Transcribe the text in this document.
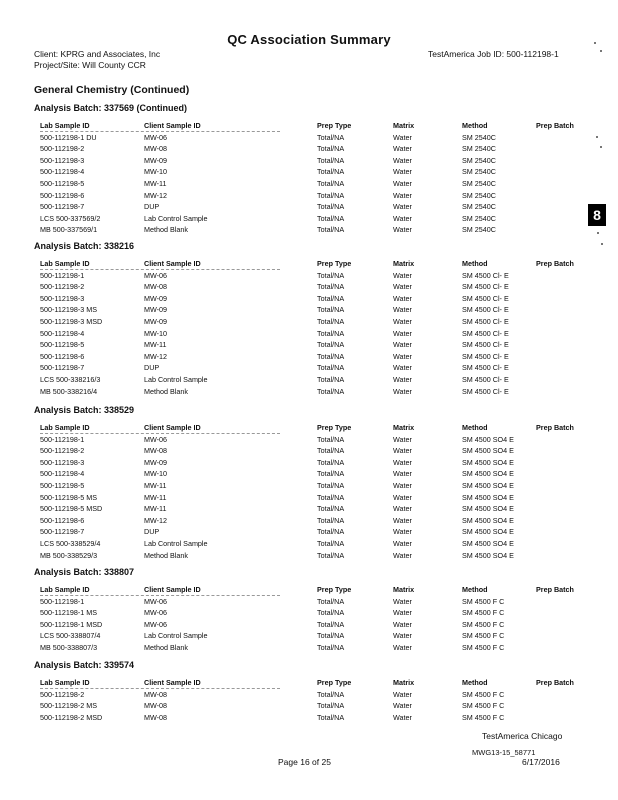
QC Association Summary
Client: KPRG and Associates, Inc	TestAmerica Job ID: 500-112198-1
Project/Site: Will County CCR
8
General Chemistry (Continued)
Analysis Batch: 337569 (Continued)
Lab Sample ID	Client Sample ID	Prep Type	Matrix	Method	Prep Batch
500-112198-1 DU	MW-06	Total/NA	Water	SM 2540C
500-112198-2	MW-08	Total/NA	Water	SM 2540C
500-112198-3	MW-09	Total/NA	Water	SM 2540C
500-112198-4	MW-10	Total/NA	Water	SM 2540C
500-112198-5	MW-11	Total/NA	Water	SM 2540C
500-112198-6	MW-12	Total/NA	Water	SM 2540C
500-112198-7	DUP	Total/NA	Water	SM 2540C
LCS 500-337569/2	Lab Control Sample	Total/NA	Water	SM 2540C
MB 500-337569/1	Method Blank	Total/NA	Water	SM 2540C
Analysis Batch: 338216
Lab Sample ID	Client Sample ID	Prep Type	Matrix	Method	Prep Batch
500-112198-1	MW-06	Total/NA	Water	SM 4500 Cl- E
500-112198-2	MW-08	Total/NA	Water	SM 4500 Cl- E
500-112198-3	MW-09	Total/NA	Water	SM 4500 Cl- E
500-112198-3 MS	MW-09	Total/NA	Water	SM 4500 Cl- E
500-112198-3 MSD	MW-09	Total/NA	Water	SM 4500 Cl- E
500-112198-4	MW-10	Total/NA	Water	SM 4500 Cl- E
500-112198-5	MW-11	Total/NA	Water	SM 4500 Cl- E
500-112198-6	MW-12	Total/NA	Water	SM 4500 Cl- E
500-112198-7	DUP	Total/NA	Water	SM 4500 Cl- E
LCS 500-338216/3	Lab Control Sample	Total/NA	Water	SM 4500 Cl- E
MB 500-338216/4	Method Blank	Total/NA	Water	SM 4500 Cl- E
Analysis Batch: 338529
Lab Sample ID	Client Sample ID	Prep Type	Matrix	Method	Prep Batch
500-112198-1	MW-06	Total/NA	Water	SM 4500 SO4 E
500-112198-2	MW-08	Total/NA	Water	SM 4500 SO4 E
500-112198-3	MW-09	Total/NA	Water	SM 4500 SO4 E
500-112198-4	MW-10	Total/NA	Water	SM 4500 SO4 E
500-112198-5	MW-11	Total/NA	Water	SM 4500 SO4 E
500-112198-5 MS	MW-11	Total/NA	Water	SM 4500 SO4 E
500-112198-5 MSD	MW-11	Total/NA	Water	SM 4500 SO4 E
500-112198-6	MW-12	Total/NA	Water	SM 4500 SO4 E
500-112198-7	DUP	Total/NA	Water	SM 4500 SO4 E
LCS 500-338529/4	Lab Control Sample	Total/NA	Water	SM 4500 SO4 E
MB 500-338529/3	Method Blank	Total/NA	Water	SM 4500 SO4 E
Analysis Batch: 338807
Lab Sample ID	Client Sample ID	Prep Type	Matrix	Method	Prep Batch
500-112198-1	MW-06	Total/NA	Water	SM 4500 F C
500-112198-1 MS	MW-06	Total/NA	Water	SM 4500 F C
500-112198-1 MSD	MW-06	Total/NA	Water	SM 4500 F C
LCS 500-338807/4	Lab Control Sample	Total/NA	Water	SM 4500 F C
MB 500-338807/3	Method Blank	Total/NA	Water	SM 4500 F C
Analysis Batch: 339574
Lab Sample ID	Client Sample ID	Prep Type	Matrix	Method	Prep Batch
500-112198-2	MW-08	Total/NA	Water	SM 4500 F C
500-112198-2 MS	MW-08	Total/NA	Water	SM 4500 F C
500-112198-2 MSD	MW-08	Total/NA	Water	SM 4500 F C
TestAmerica Chicago
Page 16 of 25
MWG13-15_58771
6/17/2016
